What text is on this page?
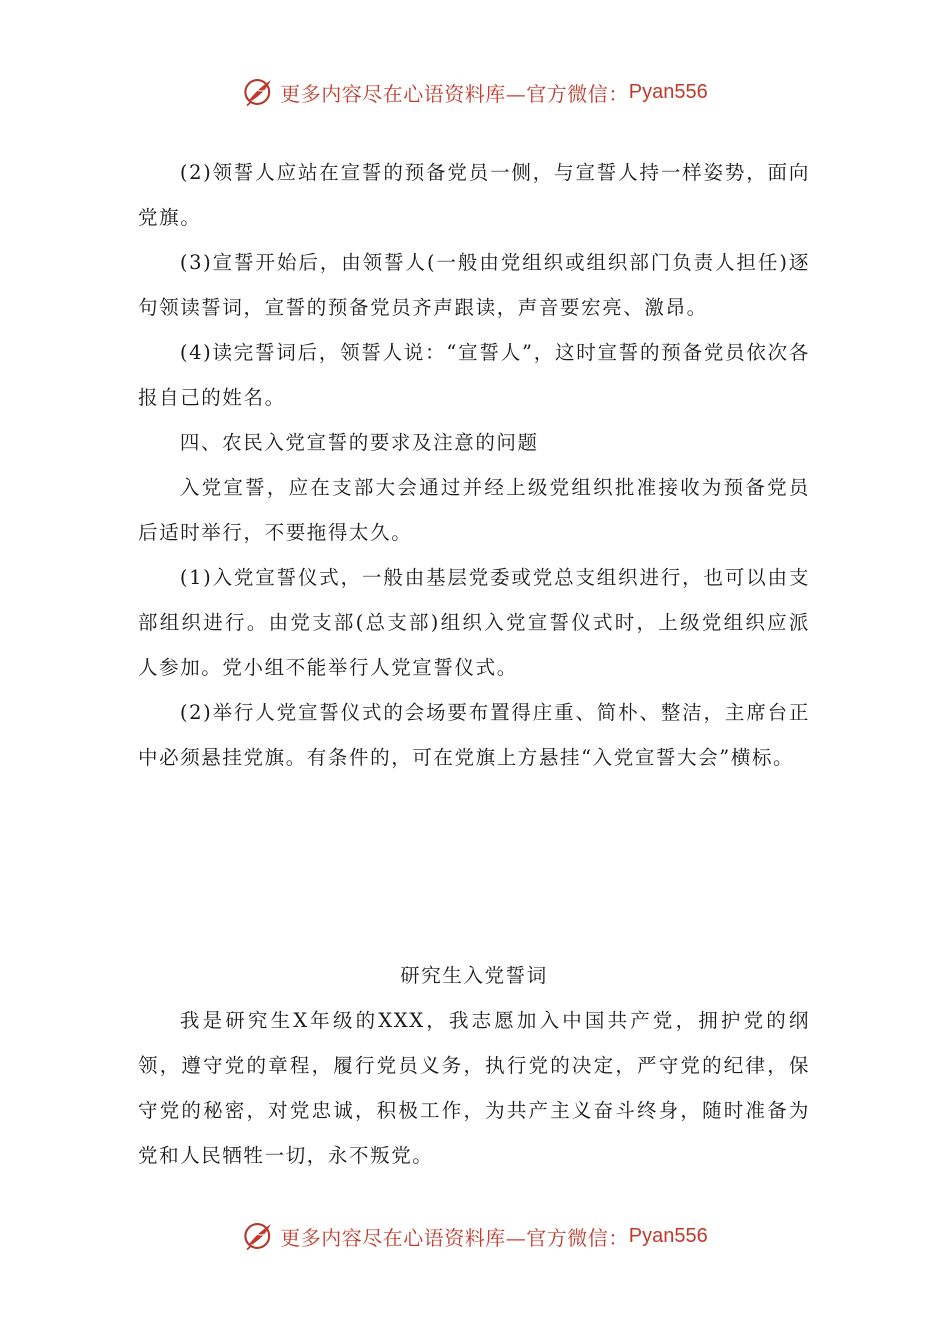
更多内容尽在心语资料库—官方微信： Pyan556

(2)领誓人应站在宣誓的预备党员一侧，与宣誓人持一样姿势，面向党旗。

(3)宣誓开始后，由领誓人(一般由党组织或组织部门负责人担任)逐句领读誓词，宣誓的预备党员齐声跟读，声音要宏亮、激昂。

(4)读完誓词后，领誓人说：“宣誓人”，这时宣誓的预备党员依次各报自己的姓名。

四、农民入党宣誓的要求及注意的问题

入党宣誓，应在支部大会通过并经上级党组织批准接收为预备党员后适时举行，不要拖得太久。

(1)入党宣誓仪式，一般由基层党委或党总支组织进行，也可以由支部组织进行。由党支部(总支部)组织入党宣誓仪式时，上级党组织应派人参加。党小组不能举行人党宣誓仪式。

(2)举行人党宣誓仪式的会场要布置得庄重、简朴、整洁，主席台正中必须悬挂党旗。有条件的，可在党旗上方悬挂“入党宣誓大会”横标。

研究生入党誓词

我是研究生X年级的XXX，我志愿加入中国共产党，拥护党的纲领，遵守党的章程，履行党员义务，执行党的决定，严守党的纪律，保守党的秘密，对党忠诚，积极工作，为共产主义奋斗终身，随时准备为党和人民牺牲一切，永不叛党。

更多内容尽在心语资料库—官方微信： Pyan556
